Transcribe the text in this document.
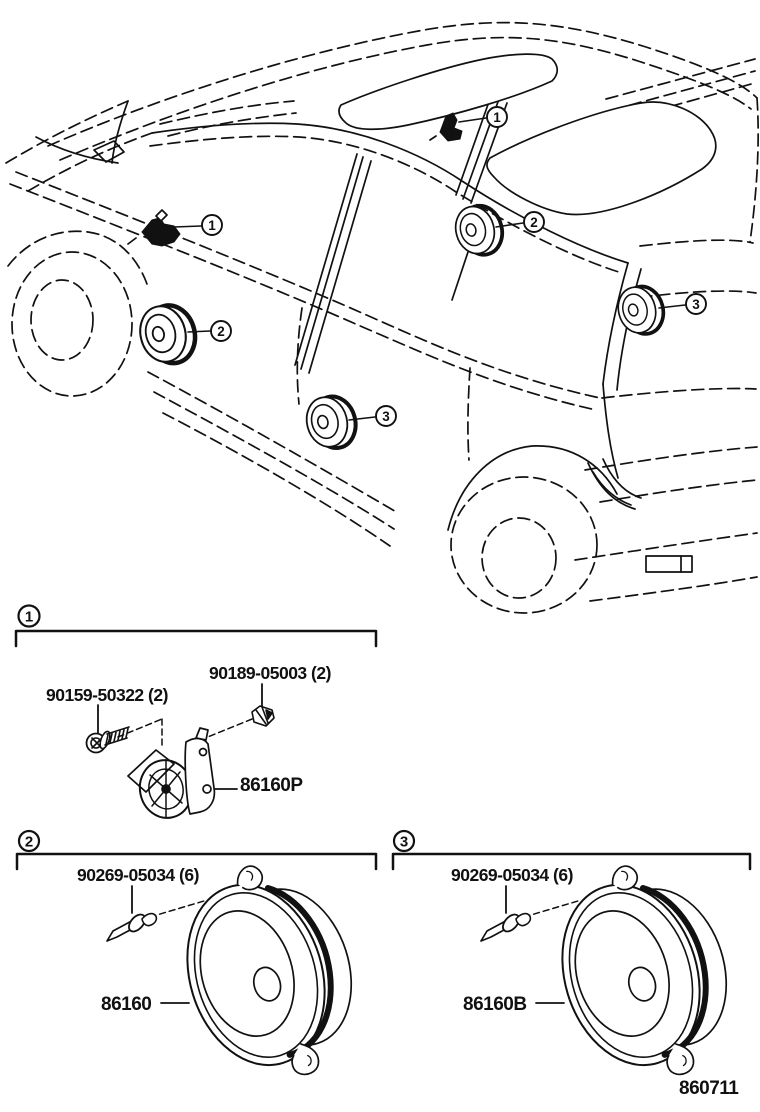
1
1
2
2
3
3
1
90189-05003 (2)
90159-50322 (2)
86160P
2
90269-05034 (6)
86160
3
90269-05034 (6)
86160B
860711
